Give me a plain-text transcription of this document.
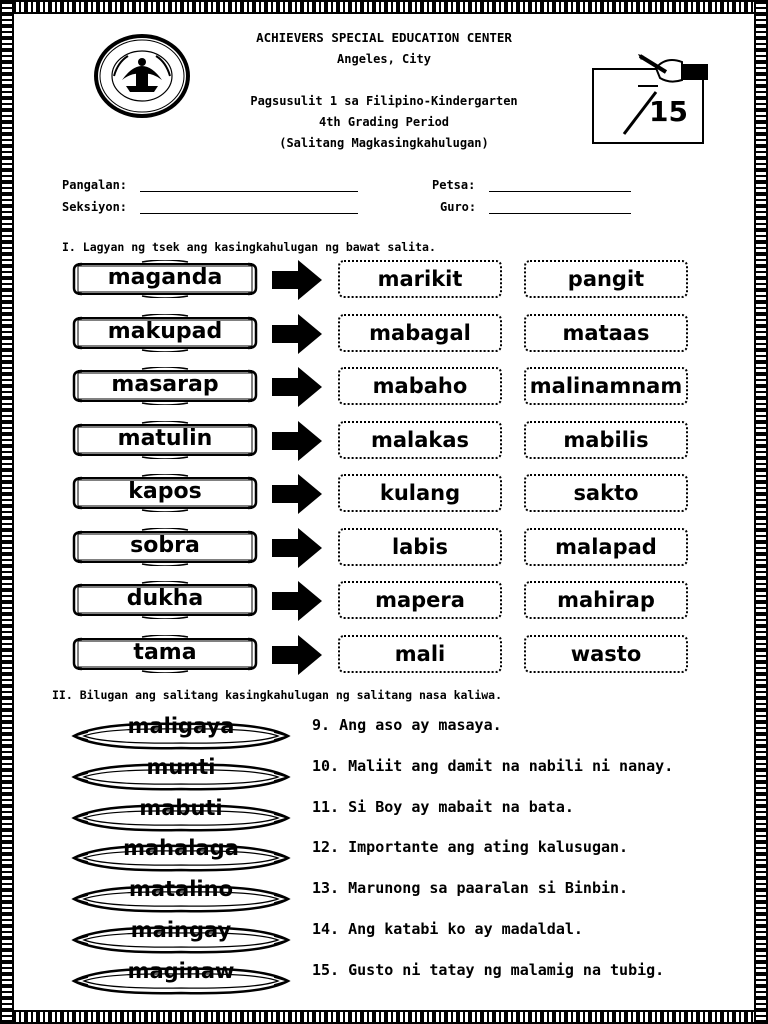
ACHIEVERS SPECIAL EDUCATION CENTER
Angeles, City
Pagsusulit 1 sa Filipino-Kindergarten
4th Grading Period
(Salitang Magkasingkahulugan)
15
Pangalan:
Seksiyon:
Petsa:
Guro:
I. Lagyan ng tsek ang kasingkahulugan ng bawat salita.
maganda	marikit	pangit
makupad	mabagal	mataas
masarap	mabaho	malinamnam
matulin	malakas	mabilis
kapos	kulang	sakto
sobra	labis	malapad
dukha	mapera	mahirap
tama	mali	wasto
II. Bilugan ang salitang kasingkahulugan ng salitang nasa kaliwa.
maligaya	9. Ang aso ay masaya.
munti	10. Maliit ang damit na nabili ni nanay.
mabuti	11. Si Boy ay mabait na bata.
mahalaga	12. Importante ang ating kalusugan.
matalino	13. Marunong sa paaralan si Binbin.
maingay	14. Ang katabi ko ay madaldal.
maginaw	15. Gusto ni tatay ng malamig na tubig.
